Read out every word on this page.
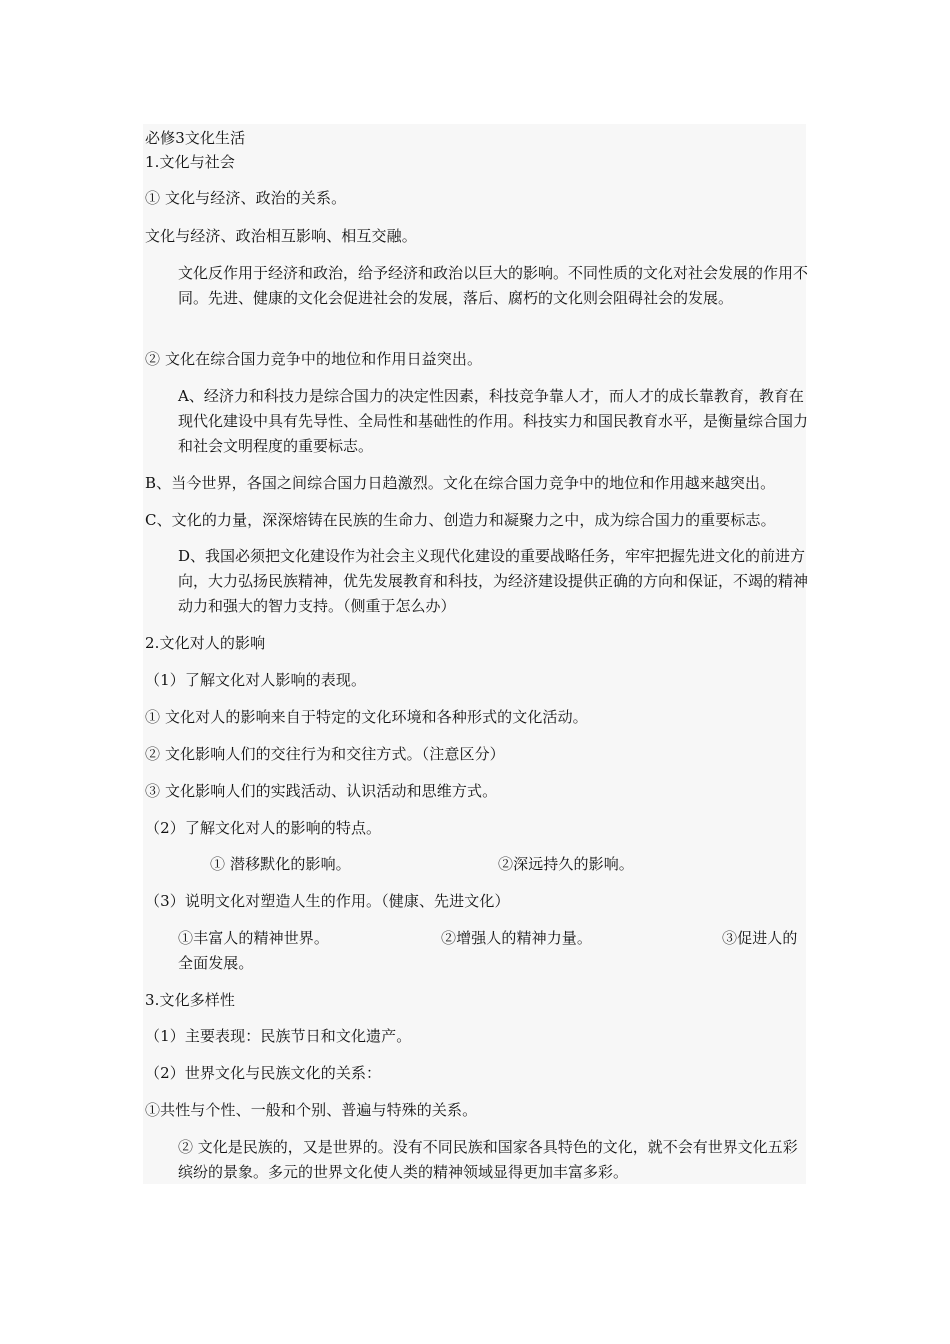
必修3文化生活
1.文化与社会
① 文化与经济、政治的关系。
文化与经济、政治相互影响、相互交融。
文化反作用于经济和政治，给予经济和政治以巨大的影响。不同性质的文化对社会发展的作用不同。先进、健康的文化会促进社会的发展，落后、腐朽的文化则会阻碍社会的发展。
② 文化在综合国力竞争中的地位和作用日益突出。
A、经济力和科技力是综合国力的决定性因素，科技竞争靠人才，而人才的成长靠教育，教育在现代化建设中具有先导性、全局性和基础性的作用。科技实力和国民教育水平，是衡量综合国力和社会文明程度的重要标志。
B、当今世界，各国之间综合国力日趋激烈。文化在综合国力竞争中的地位和作用越来越突出。
C、文化的力量，深深熔铸在民族的生命力、创造力和凝聚力之中，成为综合国力的重要标志。
D、我国必须把文化建设作为社会主义现代化建设的重要战略任务，牢牢把握先进文化的前进方向，大力弘扬民族精神，优先发展教育和科技，为经济建设提供正确的方向和保证，不竭的精神动力和强大的智力支持。（侧重于怎么办）
2.文化对人的影响
（1）了解文化对人影响的表现。
① 文化对人的影响来自于特定的文化环境和各种形式的文化活动。
② 文化影响人们的交往行为和交往方式。（注意区分）
③ 文化影响人们的实践活动、认识活动和思维方式。
（2）了解文化对人的影响的特点。
① 潜移默化的影响。	②深远持久的影响。
（3）说明文化对塑造人生的作用。（健康、先进文化）
①丰富人的精神世界。	②增强人的精神力量。	③促进人的
全面发展。
3.文化多样性
（1）主要表现：民族节日和文化遗产。
（2）世界文化与民族文化的关系：
①共性与个性、一般和个别、普遍与特殊的关系。
② 文化是民族的，又是世界的。没有不同民族和国家各具特色的文化，就不会有世界文化五彩缤纷的景象。多元的世界文化使人类的精神领域显得更加丰富多彩。
